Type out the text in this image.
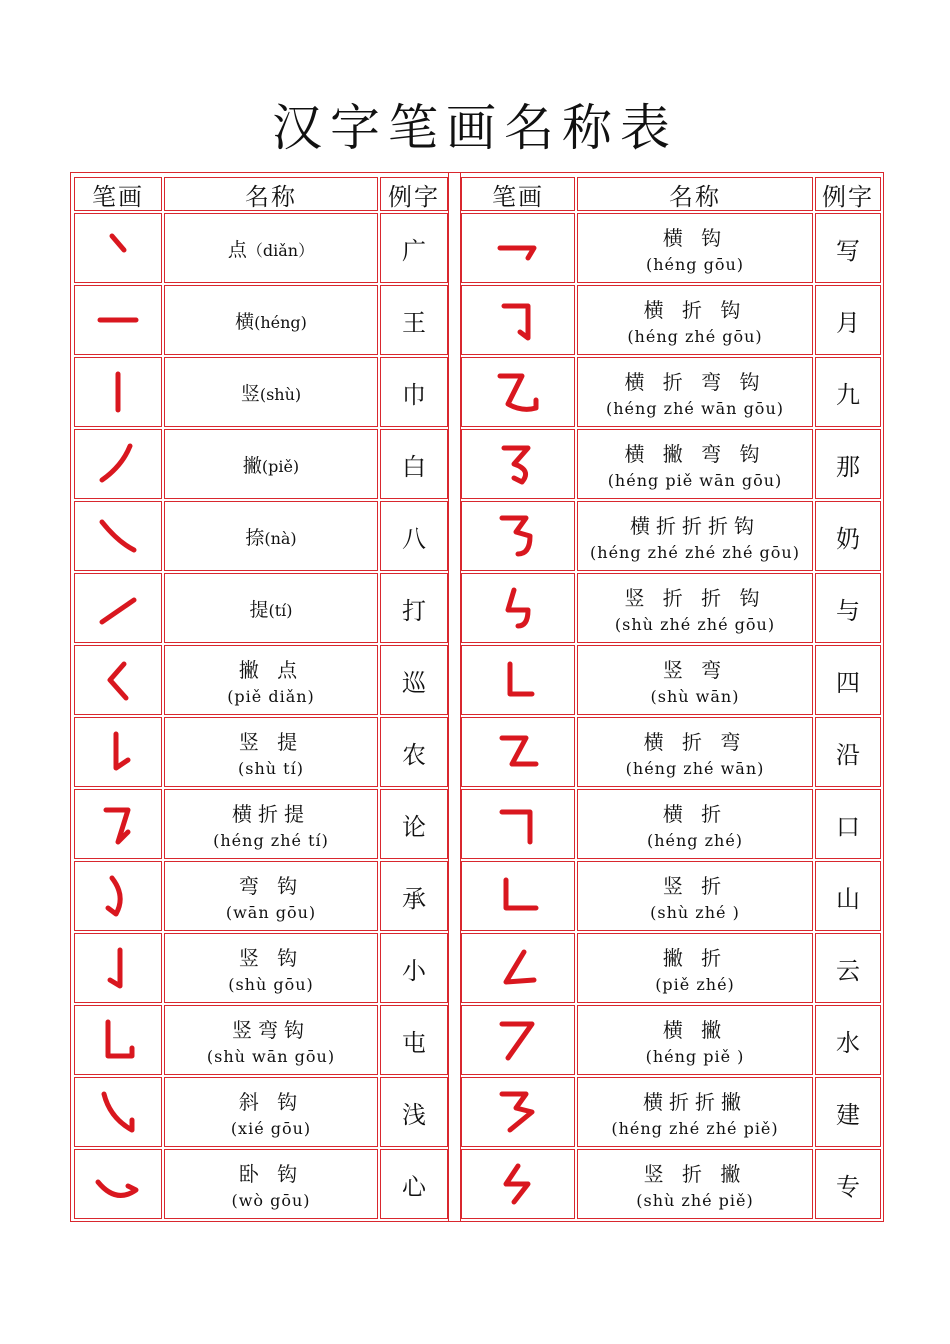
汉字笔画名称表
笔画	名称	例字
点（diǎn）	广
横(héng)	王
竖(shù)	巾
撇(piě)	白
捺(nà)	八
提(tí)	打
撇 点
(piě diǎn)	巡
竖 提
(shù tí)	农
横折提
(héng zhé tí)	论
弯 钩
(wān gōu)	承
竖 钩
(shù gōu)	小
竖弯钩
(shù wān gōu)	屯
斜 钩
(xié gōu)	浅
卧 钩
(wò gōu)	心
笔画	名称	例字
横 钩
(héng gōu)	写
横 折 钩
(héng zhé gōu)	月
横 折 弯 钩
(héng zhé wān gōu)	九
横 撇 弯 钩
(héng piě wān gōu)	那
横折折折钩
(héng zhé zhé zhé gōu)	奶
竖 折 折 钩
(shù zhé zhé gōu)	与
竖 弯
(shù wān)	四
横 折 弯
(héng zhé wān)	沿
横 折
(héng zhé)	口
竖 折
(shù zhé )	山
撇 折
(piě zhé)	云
横 撇
(héng piě )	水
横折折撇
(héng zhé zhé piě)	建
竖 折 撇
(shù zhé piě)	专
